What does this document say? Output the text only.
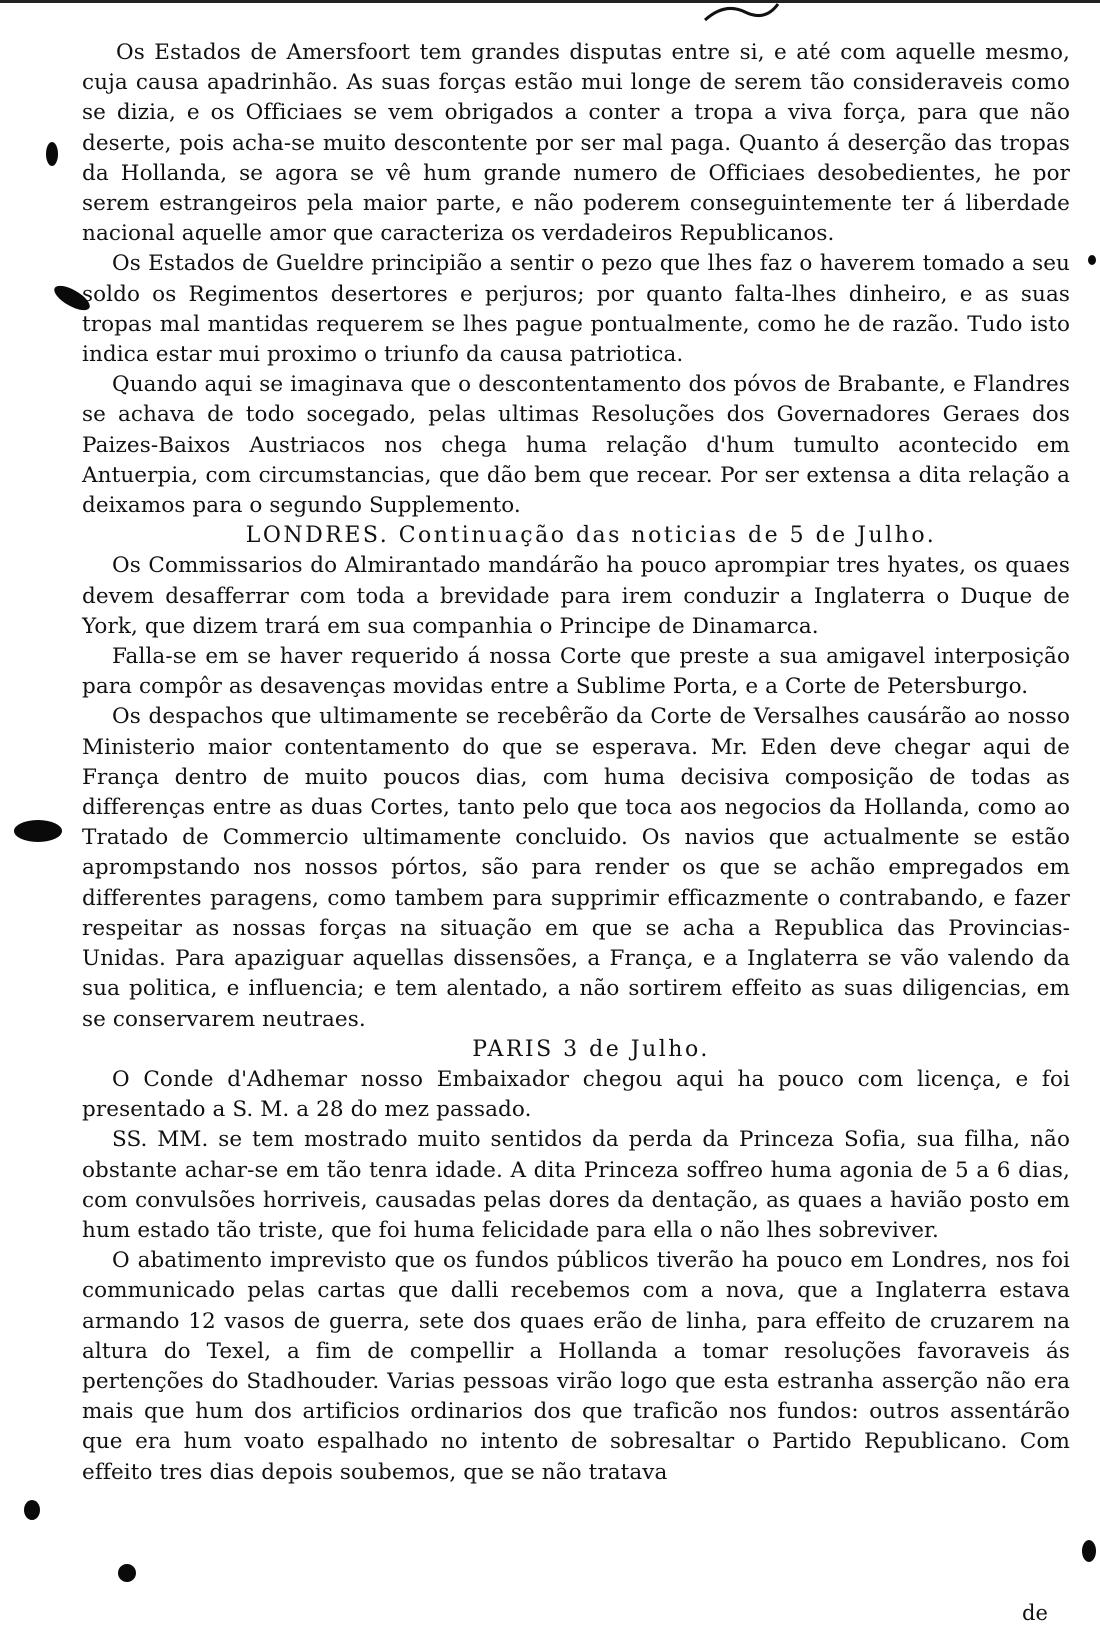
Os Estados de Amersfoort tem grandes disputas entre si, e até com aquelle mesmo, cuja causa apadrinhão. As suas forças estão mui longe de serem tão consideraveis como se dizia, e os Officiaes se vem obrigados a conter a tropa a viva força, para que não deserte, pois acha-se muito descontente por ser mal paga. Quanto á deserção das tropas da Hollanda, se agora se vê hum grande numero de Officiaes desobedientes, he por serem estrangeiros pela maior parte, e não poderem conseguintemente ter á liberdade nacional aquelle amor que caracteriza os verdadeiros Republicanos.

Os Estados de Gueldre principião a sentir o pezo que lhes faz o haverem tomado a seu soldo os Regimentos desertores e perjuros; por quanto falta-lhes dinheiro, e as suas tropas mal mantidas requerem se lhes pague pontualmente, como he de razão. Tudo isto indica estar mui proximo o triunfo da causa patriotica.

Quando aqui se imaginava que o descontentamento dos póvos de Brabante, e Flandres se achava de todo socegado, pelas ultimas Resoluções dos Governadores Geraes dos Paizes-Baixos Austriacos nos chega huma relação d'hum tumulto acontecido em Antuerpia, com circumstancias, que dão bem que recear. Por ser extensa a dita relação a deixamos para o segundo Supplemento.

LONDRES. Continuação das noticias de 5 de Julho.

Os Commissarios do Almirantado mandárão ha pouco aprompiar tres hyates, os quaes devem desafferrar com toda a brevidade para irem conduzir a Inglaterra o Duque de York, que dizem trará em sua companhia o Principe de Dinamarca.

Falla-se em se haver requerido á nossa Corte que preste a sua amigavel interposição para compôr as desavenças movidas entre a Sublime Porta, e a Corte de Petersburgo.

Os despachos que ultimamente se recebêrão da Corte de Versalhes causárão ao nosso Ministerio maior contentamento do que se esperava. Mr. Eden deve chegar aqui de França dentro de muito poucos dias, com huma decisiva composição de todas as differenças entre as duas Cortes, tanto pelo que toca aos negocios da Hollanda, como ao Tratado de Commercio ultimamente concluido. Os navios que actualmente se estão aprompstando nos nossos pórtos, são para render os que se achão empregados em differentes paragens, como tambem para supprimir efficazmente o contrabando, e fazer respeitar as nossas forças na situação em que se acha a Republica das Provincias-Unidas. Para apaziguar aquellas dissensões, a França, e a Inglaterra se vão valendo da sua politica, e influencia; e tem alentado, a não sortirem effeito as suas diligencias, em se conservarem neutraes.

PARIS 3 de Julho.

O Conde d'Adhemar nosso Embaixador chegou aqui ha pouco com licença, e foi presentado a S. M. a 28 do mez passado.

SS. MM. se tem mostrado muito sentidos da perda da Princeza Sofia, sua filha, não obstante achar-se em tão tenra idade. A dita Princeza soffreo huma agonia de 5 a 6 dias, com convulsões horriveis, causadas pelas dores da dentação, as quaes a havião posto em hum estado tão triste, que foi huma felicidade para ella o não lhes sobreviver.

O abatimento imprevisto que os fundos públicos tiverão ha pouco em Londres, nos foi communicado pelas cartas que dalli recebemos com a nova, que a Inglaterra estava armando 12 vasos de guerra, sete dos quaes erão de linha, para effeito de cruzarem na altura do Texel, a fim de compellir a Hollanda a tomar resoluções favoraveis ás pertenções do Stadhouder. Varias pessoas virão logo que esta estranha asserção não era mais que hum dos artificios ordinarios dos que traficão nos fundos: outros assentárão que era hum voato espalhado no intento de sobresaltar o Partido Republicano. Com effeito tres dias depois soubemos, que se não tratava

de
